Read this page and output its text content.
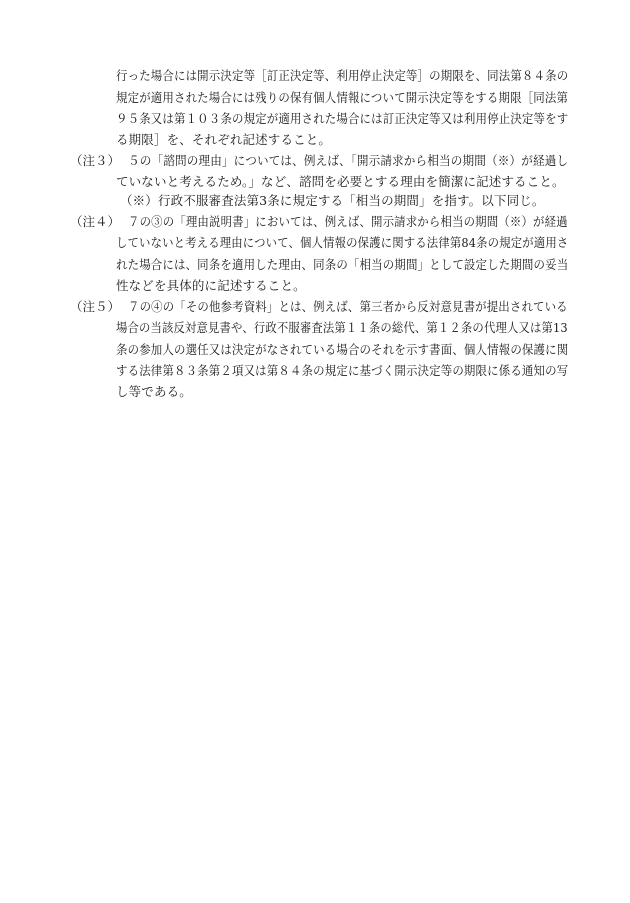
行った場合には開示決定等［訂正決定等、利用停止決定等］の期限を、同法第８４条の
規定が適用された場合には残りの保有個人情報について開示決定等をする期限［同法第
９５条又は第１０３条の規定が適用された場合には訂正決定等又は利用停止決定等をす
る期限］を、それぞれ記述すること。
（注３） ５の「諮問の理由」については、例えば、「開示請求から相当の期間（※）が経過し
ていないと考えるため。」など、諮問を必要とする理由を簡潔に記述すること。
（※）行政不服審査法第3条に規定する「相当の期間」を指す。以下同じ。
（注４） ７の③の「理由説明書」においては、例えば、開示請求から相当の期間（※）が経過
していないと考える理由について、個人情報の保護に関する法律第84条の規定が適用さ
れた場合には、同条を適用した理由、同条の「相当の期間」として設定した期間の妥当
性などを具体的に記述すること。
（注５） ７の④の「その他参考資料」とは、例えば、第三者から反対意見書が提出されている
場合の当該反対意見書や、行政不服審査法第１１条の総代、第１２条の代理人又は第13
条の参加人の選任又は決定がなされている場合のそれを示す書面、個人情報の保護に関
する法律第８３条第２項又は第８４条の規定に基づく開示決定等の期限に係る通知の写
し等である。
